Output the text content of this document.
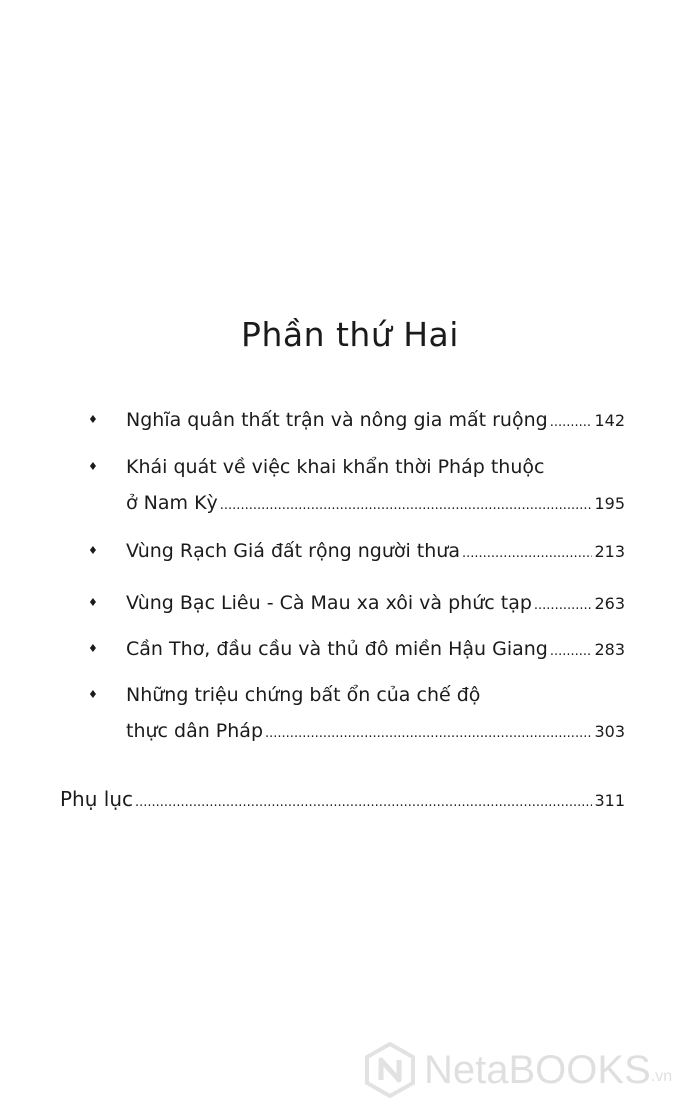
Phần thứ Hai
♦ Nghĩa quân thất trận và nông gia mất ruộng .....	142
♦ Khái quát về việc khai khẩn thời Pháp thuộc
ở Nam Kỳ .....	195
♦ Vùng Rạch Giá đất rộng người thưa .....	213
♦ Vùng Bạc Liêu - Cà Mau xa xôi và phức tạp .....	263
♦ Cần Thơ, đầu cầu và thủ đô miền Hậu Giang .....	283
♦ Những triệu chứng bất ổn của chế độ
thực dân Pháp .....	303
Phụ lục .....	311
NetaBOOKS .vn
